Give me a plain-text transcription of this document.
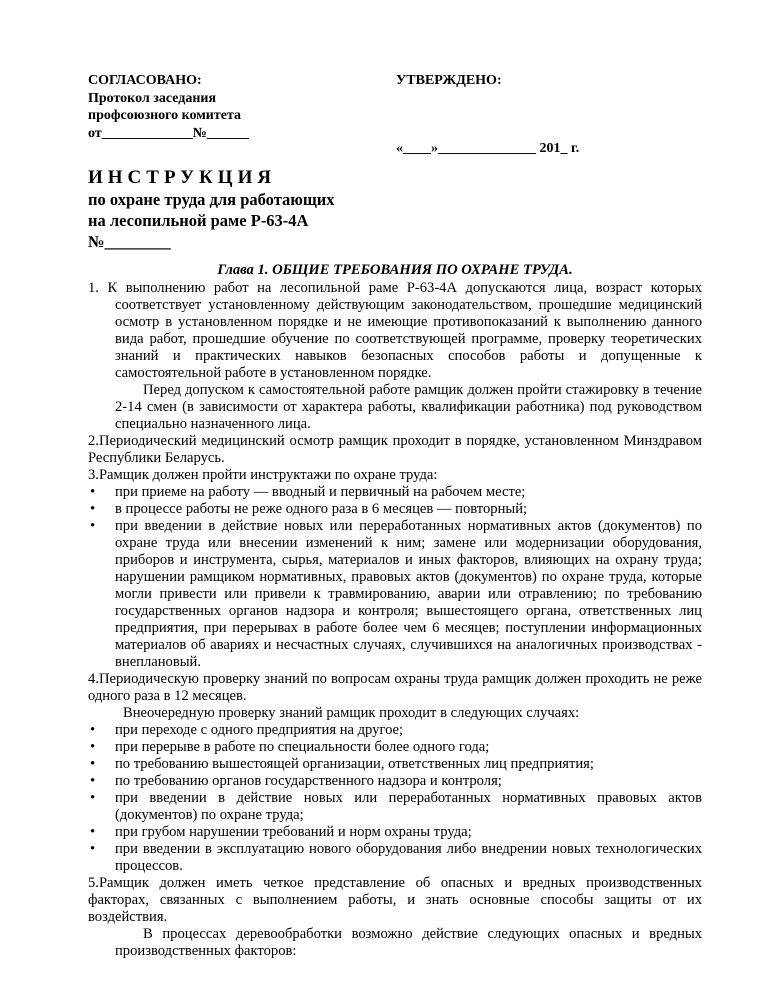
СОГЛАСОВАНО:
Протокол заседания
профсоюзного комитета
от_____________№______
УТВЕРЖДЕНО:
«____»______________ 201_ г.
ИНСТРУКЦИЯ
по охране труда для работающих
на лесопильной раме Р-63-4А
№________
Глава 1. ОБЩИЕ ТРЕБОВАНИЯ ПО ОХРАНЕ ТРУДА.
1. К выполнению работ на лесопильной раме Р-63-4А допускаются лица, возраст которых соответствует установленному действующим законодательством, прошедшие медицинский осмотр в установленном порядке и не имеющие противопоказаний к выполнению данного вида работ, прошедшие обучение по соответствующей программе, проверку теоретических знаний и практических навыков безопасных способов работы и допущенные к самостоятельной работе в установленном порядке.
Перед допуском к самостоятельной работе рамщик должен пройти стажировку в течение 2-14 смен (в зависимости от характера работы, квалификации работника) под руководством специально назначенного лица.
2.Периодический медицинский осмотр рамщик проходит в порядке, установленном Минздравом Республики Беларусь.
3.Рамщик должен пройти инструктажи по охране труда:
• при приеме на работу — вводный и первичный на рабочем месте;
• в процессе работы не реже одного раза в 6 месяцев — повторный;
• при введении в действие новых или переработанных нормативных актов (документов) по охране труда или внесении изменений к ним; замене или модернизации оборудования, приборов и инструмента, сырья, материалов и иных факторов, влияющих на охрану труда; нарушении рамщиком нормативных, правовых актов (документов) по охране труда, которые могли привести или привели к травмированию, аварии или отравлению; по требованию государственных органов надзора и контроля; вышестоящего органа, ответственных лиц предприятия, при перерывах в работе более чем 6 месяцев; поступлении информационных материалов об авариях и несчастных случаях, случившихся на аналогичных производствах - внеплановый.
4.Периодическую проверку знаний по вопросам охраны труда рамщик должен проходить не реже одного раза в 12 месяцев.
Внеочередную проверку знаний рамщик проходит в следующих случаях:
• при переходе с одного предприятия на другое;
• при перерыве в работе по специальности более одного года;
• по требованию вышестоящей организации, ответственных лиц предприятия;
• по требованию органов государственного надзора и контроля;
• при введении в действие новых или переработанных нормативных правовых актов (документов) по охране труда;
• при грубом нарушении требований и норм охраны труда;
• при введении в эксплуатацию нового оборудования либо внедрении новых технологических процессов.
5.Рамщик должен иметь четкое представление об опасных и вредных производственных факторах, связанных с выполнением работы, и знать основные способы защиты от их воздействия.
В процессах деревообработки возможно действие следующих опасных и вредных производственных факторов:
